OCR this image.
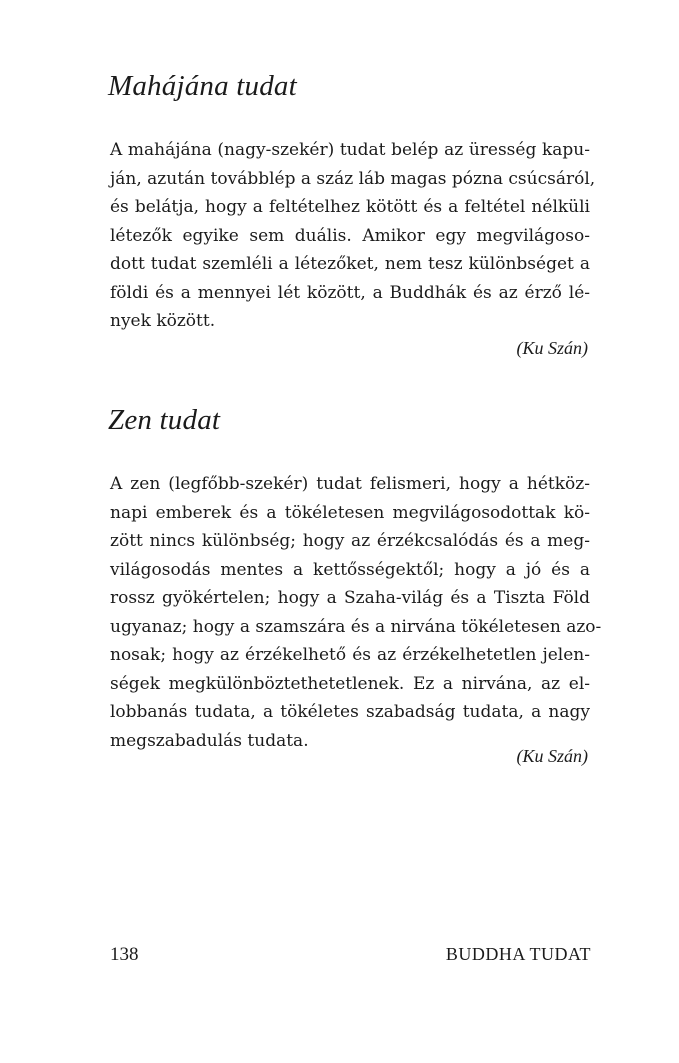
Mahájána tudat
A mahájána (nagy-szekér) tudat belép az üresség kapu-
ján, azután továbblép a száz láb magas pózna csúcsáról,
és belátja, hogy a feltételhez kötött és a feltétel nélküli
létezők egyike sem duális. Amikor egy megvilágoso-
dott tudat szemléli a létezőket, nem tesz különbséget a
földi és a mennyei lét között, a Buddhák és az érző lé-
nyek között.
(Ku Szán)
Zen tudat
A zen (legfőbb-szekér) tudat felismeri, hogy a hétköz-
napi emberek és a tökéletesen megvilágosodottak kö-
zött nincs különbség; hogy az érzékcsalódás és a meg-
világosodás mentes a kettősségektől; hogy a jó és a
rossz gyökértelen; hogy a Szaha-világ és a Tiszta Föld
ugyanaz; hogy a szamszára és a nirvána tökéletesen azo-
nosak; hogy az érzékelhető és az érzékelhetetlen jelen-
ségek megkülönböztethetetlenek. Ez a nirvána, az el-
lobbanás tudata, a tökéletes szabadság tudata, a nagy
megszabadulás tudata.
(Ku Szán)
138	BUDDHA TUDAT
